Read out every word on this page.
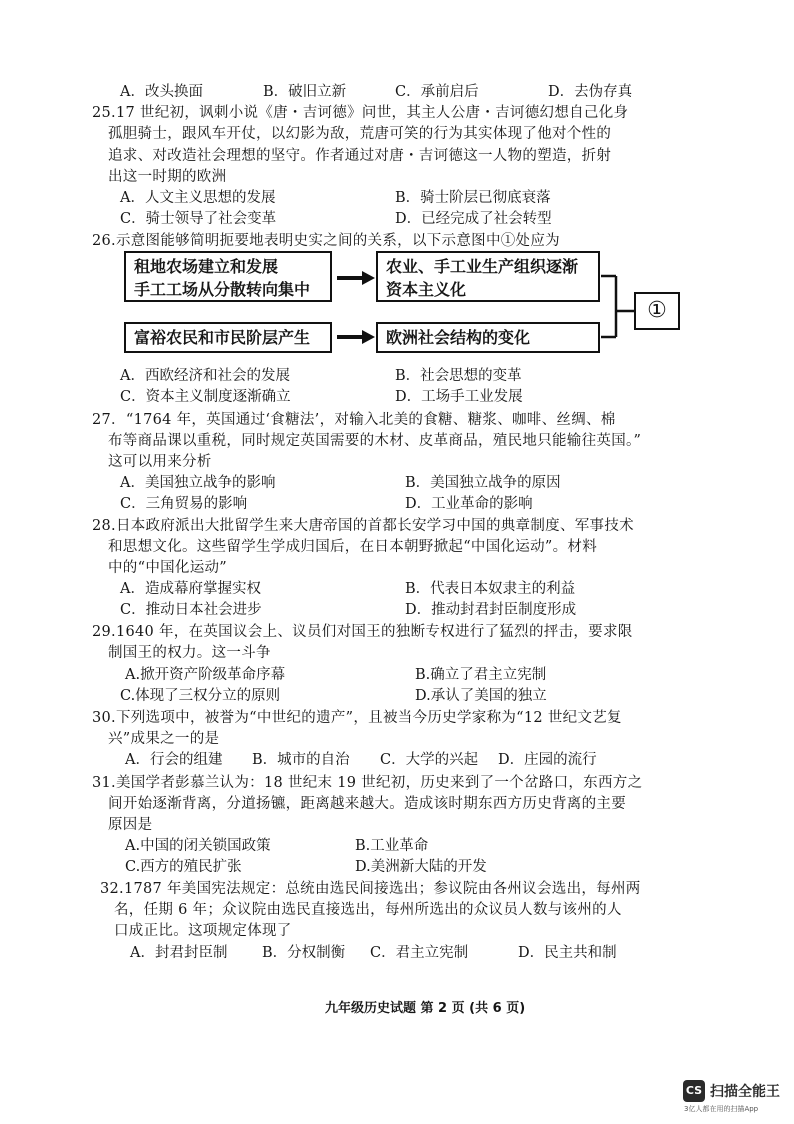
A．改头换面	B．破旧立新	C．承前启后	D．去伪存真
25.17 世纪初，讽刺小说《唐・吉诃德》问世，其主人公唐・吉诃德幻想自己化身
孤胆骑士，跟风车开仗，以幻影为敌，荒唐可笑的行为其实体现了他对个性的
追求、对改造社会理想的坚守。作者通过对唐・吉诃德这一人物的塑造，折射
出这一时期的欧洲
A．人文主义思想的发展	B．骑士阶层已彻底衰落
C．骑士领导了社会变革	D．已经完成了社会转型
26.示意图能够简明扼要地表明史实之间的关系，以下示意图中①处应为
租地农场建立和发展
手工工场从分散转向集中
农业、手工业生产组织逐渐
资本主义化
富裕农民和市民阶层产生	欧洲社会结构的变化
①
A．西欧经济和社会的发展	B．社会思想的变革
C．资本主义制度逐渐确立	D．工场手工业发展
27．“1764 年，英国通过‘食糖法’，对输入北美的食糖、糖浆、咖啡、丝绸、棉
布等商品课以重税，同时规定英国需要的木材、皮革商品，殖民地只能输往英国。”
这可以用来分析
A．美国独立战争的影响	B．美国独立战争的原因
C．三角贸易的影响	D．工业革命的影响
28.日本政府派出大批留学生来大唐帝国的首都长安学习中国的典章制度、军事技术
和思想文化。这些留学生学成归国后，在日本朝野掀起“中国化运动”。材料
中的“中国化运动”
A．造成幕府掌握实权	B．代表日本奴隶主的利益
C．推动日本社会进步	D．推动封君封臣制度形成
29.1640 年，在英国议会上、议员们对国王的独断专权进行了猛烈的抨击，要求限
制国王的权力。这一斗争
A.掀开资产阶级革命序幕	B.确立了君主立宪制
C.体现了三权分立的原则	D.承认了美国的独立
30.下列选项中，被誉为“中世纪的遗产”，且被当今历史学家称为“12 世纪文艺复
兴”成果之一的是
A．行会的组建 B．城市的自治 C．大学的兴起 D．庄园的流行
31.美国学者彭慕兰认为：18 世纪末 19 世纪初，历史来到了一个岔路口，东西方之
间开始逐渐背离，分道扬镳，距离越来越大。造成该时期东西方历史背离的主要
原因是
A.中国的闭关锁国政策	B.工业革命
C.西方的殖民扩张	D.美洲新大陆的开发
32.1787 年美国宪法规定：总统由选民间接选出；参议院由各州议会选出，每州两
名，任期 6 年；众议院由选民直接选出，每州所选出的众议员人数与该州的人
口成正比。这项规定体现了
A．封君封臣制 B．分权制衡 C．君主立宪制	D．民主共和制
九年级历史试题 第 2 页 (共 6 页)
CS 扫描全能王
3亿人都在用的扫描App
